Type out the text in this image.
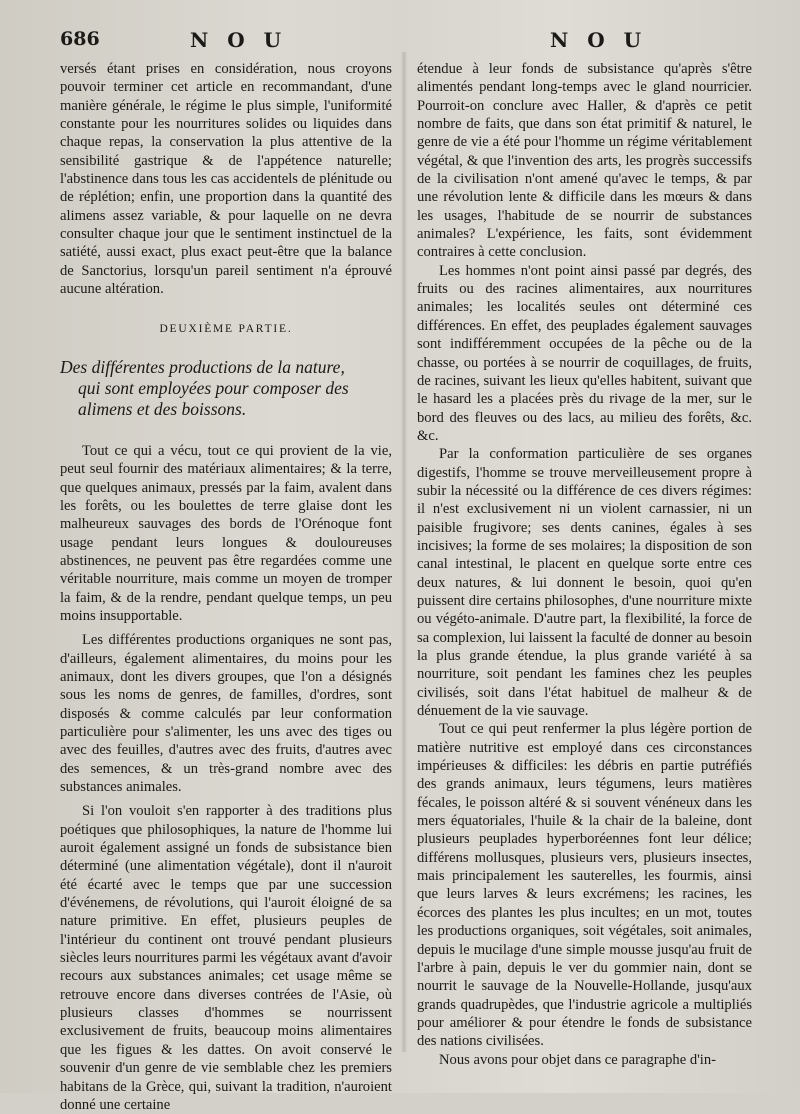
686	N O U	N O U

versés étant prises en considération, nous croyons pouvoir terminer cet article en recommandant, d'une manière générale, le régime le plus simple, l'uniformité constante pour les nourritures solides ou liquides dans chaque repas, la conservation la plus attentive de la sensibilité gastrique & de l'appétence naturelle; l'abstinence dans tous les cas accidentels de plénitude ou de réplétion; enfin, une proportion dans la quantité des alimens assez variable, & pour laquelle on ne devra consulter chaque jour que le sentiment instinctuel de la satiété, aussi exact, plus exact peut-être que la balance de Sanctorius, lorsqu'un pareil sentiment n'a éprouvé aucune altération.

DEUXIÈME PARTIE.
Des différentes productions de la nature,
qui sont employées pour composer des
alimens et des boissons.

Tout ce qui a vécu, tout ce qui provient de la vie, peut seul fournir des matériaux alimentaires; & la terre, que quelques animaux, pressés par la faim, avalent dans les forêts, ou les boulettes de terre glaise dont les malheureux sauvages des bords de l'Orénoque font usage pendant leurs longues & douloureuses abstinences, ne peuvent pas être regardées comme une véritable nourriture, mais comme un moyen de tromper la faim, & de la rendre, pendant quelque temps, un peu moins insupportable.

Les différentes productions organiques ne sont pas, d'ailleurs, également alimentaires, du moins pour les animaux, dont les divers groupes, que l'on a désignés sous les noms de genres, de familles, d'ordres, sont disposés & comme calculés par leur conformation particulière pour s'alimenter, les uns avec des tiges ou avec des feuilles, d'autres avec des fruits, d'autres avec des semences, & un très-grand nombre avec des substances animales.

Si l'on vouloit s'en rapporter à des traditions plus poétiques que philosophiques, la nature de l'homme lui auroit également assigné un fonds de subsistance bien déterminé (une alimentation végétale), dont il n'auroit été écarté avec le temps que par une succession d'événemens, de révolutions, qui l'auroit éloigné de sa nature primitive. En effet, plusieurs peuples de l'intérieur du continent ont trouvé pendant plusieurs siècles leurs nourritures parmi les végétaux avant d'avoir recours aux substances animales; cet usage même se retrouve encore dans diverses contrées de l'Asie, où plusieurs classes d'hommes se nourrissent exclusivement de fruits, beaucoup moins alimentaires que les figues & les dattes. On avoit conservé le souvenir d'un genre de vie semblable chez les premiers habitans de la Grèce, qui, suivant la tradition, n'auroient donné une certaine

étendue à leur fonds de subsistance qu'après s'être alimentés pendant long-temps avec le gland nourricier. Pourroit-on conclure avec Haller, & d'après ce petit nombre de faits, que dans son état primitif & naturel, le genre de vie a été pour l'homme un régime véritablement végétal, & que l'invention des arts, les progrès successifs de la civilisation n'ont amené qu'avec le temps, & par une révolution lente & difficile dans les mœurs & dans les usages, l'habitude de se nourrir de substances animales? L'expérience, les faits, sont évidemment contraires à cette conclusion.

Les hommes n'ont point ainsi passé par degrés, des fruits ou des racines alimentaires, aux nourritures animales; les localités seules ont déterminé ces différences. En effet, des peuplades également sauvages sont indifféremment occupées de la pêche ou de la chasse, ou portées à se nourrir de coquillages, de fruits, de racines, suivant les lieux qu'elles habitent, suivant que le hasard les a placées près du rivage de la mer, sur le bord des fleuves ou des lacs, au milieu des forêts, &c. &c.

Par la conformation particulière de ses organes digestifs, l'homme se trouve merveilleusement propre à subir la nécessité ou la différence de ces divers régimes: il n'est exclusivement ni un violent carnassier, ni un paisible frugivore; ses dents canines, égales à ses incisives; la forme de ses molaires; la disposition de son canal intestinal, le placent en quelque sorte entre ces deux natures, & lui donnent le besoin, quoi qu'en puissent dire certains philosophes, d'une nourriture mixte ou végéto-animale. D'autre part, la flexibilité, la force de sa complexion, lui laissent la faculté de donner au besoin la plus grande étendue, la plus grande variété à sa nourriture, soit pendant les famines chez les peuples civilisés, soit dans l'état habituel de malheur & de dénuement de la vie sauvage.

Tout ce qui peut renfermer la plus légère portion de matière nutritive est employé dans ces circonstances impérieuses & difficiles: les débris en partie putréfiés des grands animaux, leurs tégumens, leurs matières fécales, le poisson altéré & si souvent vénéneux dans les mers équatoriales, l'huile & la chair de la baleine, dont plusieurs peuplades hyperboréennes font leur délice; différens mollusques, plusieurs vers, plusieurs insectes, mais principalement les sauterelles, les fourmis, ainsi que leurs larves & leurs excrémens; les racines, les écorces des plantes les plus incultes; en un mot, toutes les productions organiques, soit végétales, soit animales, depuis le mucilage d'une simple mousse jusqu'au fruit de l'arbre à pain, depuis le ver du gommier nain, dont se nourrit le sauvage de la Nouvelle-Hollande, jusqu'aux grands quadrupèdes, que l'industrie agricole a multipliés pour améliorer & pour étendre le fonds de subsistance des nations civilisées.

Nous avons pour objet dans ce paragraphe d'in-
